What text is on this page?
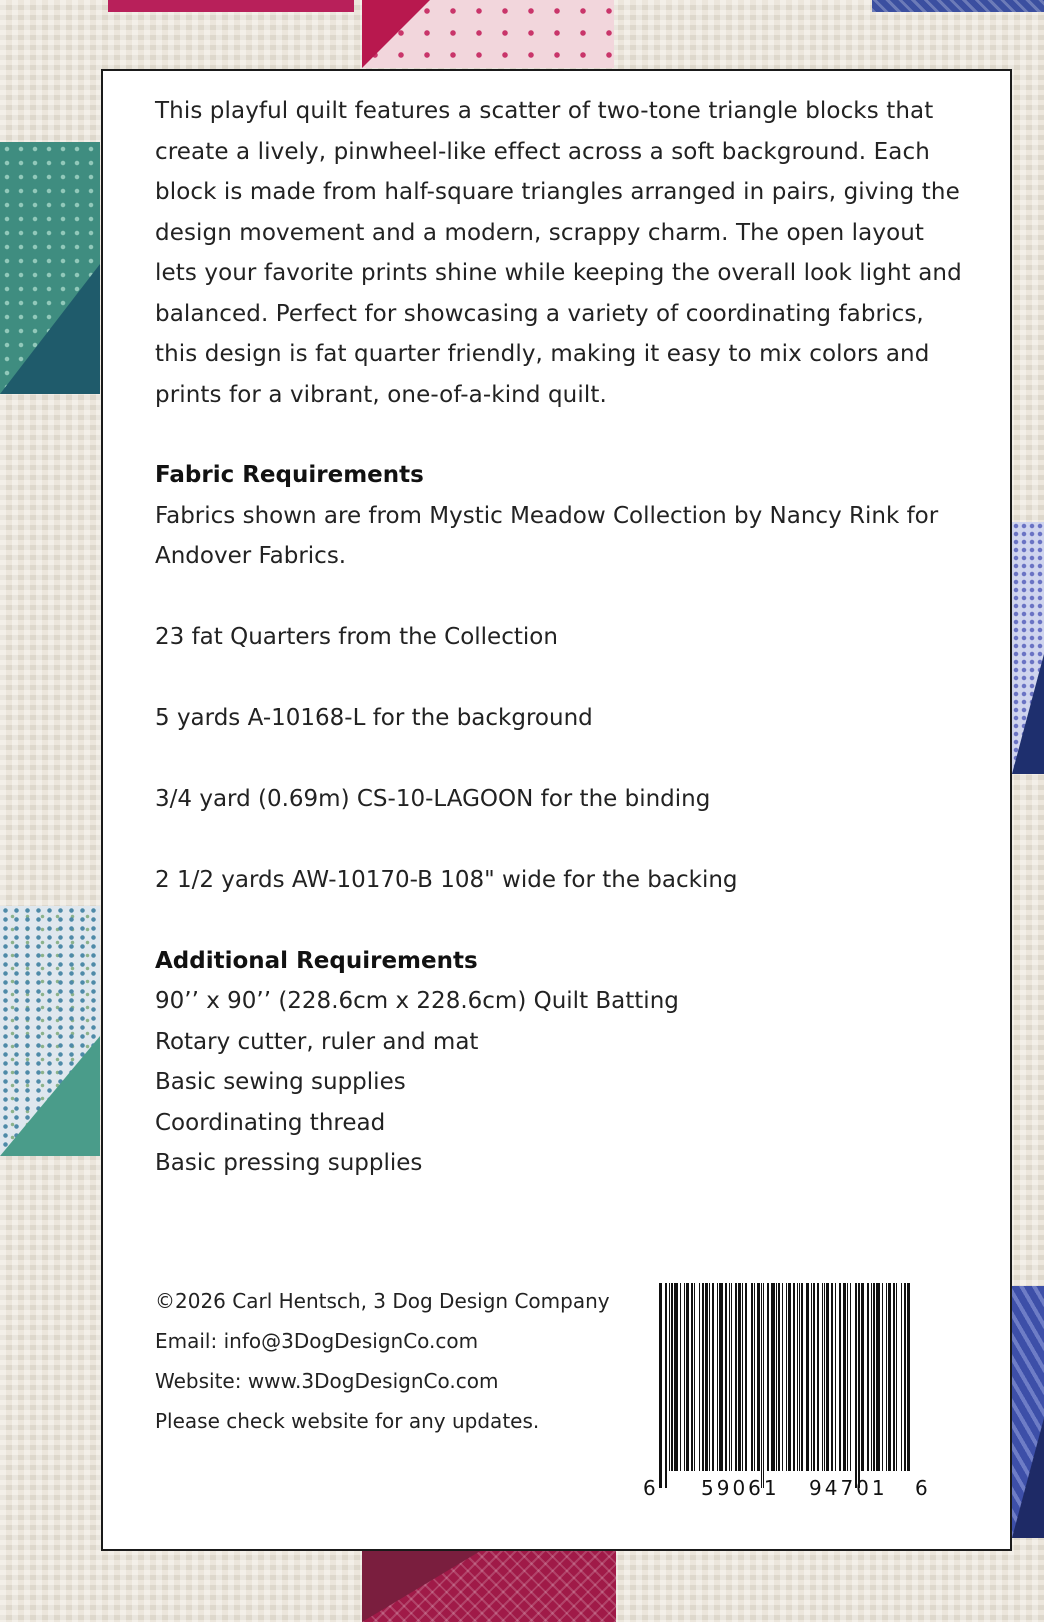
This playful quilt features a scatter of two-tone triangle blocks that create a lively, pinwheel-like effect across a soft background. Each block is made from half-square triangles arranged in pairs, giving the design movement and a modern, scrappy charm. The open layout lets your favorite prints shine while keeping the overall look light and balanced. Perfect for showcasing a variety of coordinating fabrics, this design is fat quarter friendly, making it easy to mix colors and prints for a vibrant, one-of-a-kind quilt.

Fabric Requirements

Fabrics shown are from Mystic Meadow Collection by Nancy Rink for Andover Fabrics.

23 fat Quarters from the Collection

5 yards A-10168-L for the background

3/4 yard (0.69m) CS-10-LAGOON for the binding

2 1/2 yards AW-10170-B 108" wide for the backing

Additional Requirements

90’’ x 90’’ (228.6cm x 228.6cm) Quilt Batting

Rotary cutter, ruler and mat

Basic sewing supplies

Coordinating thread

Basic pressing supplies

©2026 Carl Hentsch, 3 Dog Design Company
Email: info@3DogDesignCo.com
Website: www.3DogDesignCo.com
Please check website for any updates.
6 59061 94701 6
